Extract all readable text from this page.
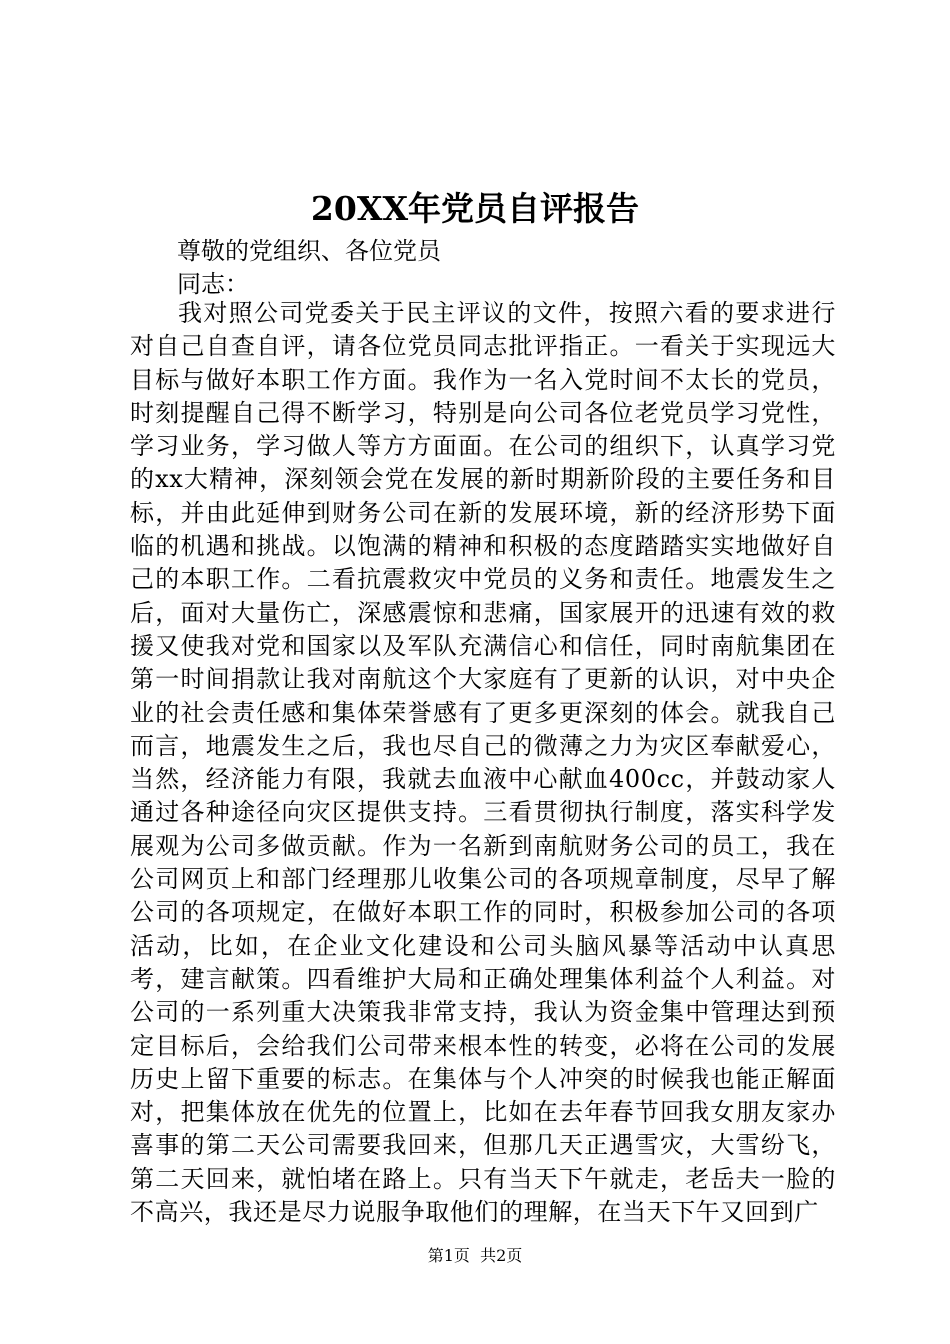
20XX年党员自评报告
尊敬的党组织、各位党员
同志：

我对照公司党委关于民主评议的文件，按照六看的要求进行对自己自查自评，请各位党员同志批评指正。一看关于实现远大目标与做好本职工作方面。我作为一名入党时间不太长的党员，时刻提醒自己得不断学习，特别是向公司各位老党员学习党性，学习业务，学习做人等方方面面。在公司的组织下，认真学习党的xx大精神，深刻领会党在发展的新时期新阶段的主要任务和目标，并由此延伸到财务公司在新的发展环境，新的经济形势下面临的机遇和挑战。以饱满的精神和积极的态度踏踏实实地做好自己的本职工作。二看抗震救灾中党员的义务和责任。地震发生之后，面对大量伤亡，深感震惊和悲痛，国家展开的迅速有效的救援又使我对党和国家以及军队充满信心和信任，同时南航集团在第一时间捐款让我对南航这个大家庭有了更新的认识，对中央企业的社会责任感和集体荣誉感有了更多更深刻的体会。就我自己而言，地震发生之后，我也尽自己的微薄之力为灾区奉献爱心，当然，经济能力有限，我就去血液中心献血400cc，并鼓动家人通过各种途径向灾区提供支持。三看贯彻执行制度，落实科学发展观为公司多做贡献。作为一名新到南航财务公司的员工，我在公司网页上和部门经理那儿收集公司的各项规章制度，尽早了解公司的各项规定，在做好本职工作的同时，积极参加公司的各项活动，比如，在企业文化建设和公司头脑风暴等活动中认真思考，建言献策。四看维护大局和正确处理集体利益个人利益。对公司的一系列重大决策我非常支持，我认为资金集中管理达到预定目标后，会给我们公司带来根本性的转变，必将在公司的发展历史上留下重要的标志。在集体与个人冲突的时候我也能正解面对，把集体放在优先的位置上，比如在去年春节回我女朋友家办喜事的第二天公司需要我回来，但那几天正遇雪灾，大雪纷飞，第二天回来，就怕堵在路上。只有当天下午就走，老岳夫一脸的不高兴，我还是尽力说服争取他们的理解，在当天下午又回到广

第1页  共2页
